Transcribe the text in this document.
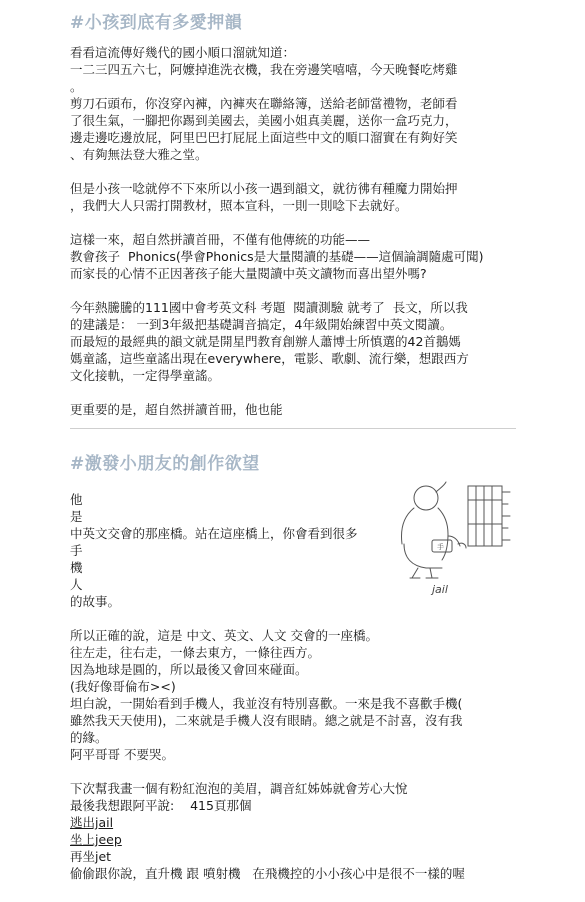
#小孩到底有多愛押韻

看看這流傳好幾代的國小順口溜就知道：

一二三四五六七，阿嬤掉進洗衣機，我在旁邊笑嘻嘻，今天晚餐吃烤雞

。

剪刀石頭布，你沒穿內褲，內褲夾在聯絡簿，送給老師當禮物，老師看

了很生氣，一腳把你踢到美國去，美國小姐真美麗，送你一盒巧克力，

邊走邊吃邊放屁，阿里巴巴打屁屁上面這些中文的順口溜實在有夠好笑

、有夠無法登大雅之堂。

但是小孩一唸就停不下來所以小孩一遇到韻文，就彷彿有種魔力開始押

，我們大人只需打開教材，照本宣科，一則一則唸下去就好。

這樣一來，超自然拼讀首冊，不僅有他傳統的功能——

教會孩子  Phonics(學會Phonics是大量閱讀的基礎——這個論調隨處可聞)

而家長的心情不正因著孩子能大量閱讀中英文讀物而喜出望外嗎?

今年熱騰騰的111國中會考英文科 考題  閱讀測驗 就考了  長文，所以我

的建議是： 一到3年級把基礎調音搞定，4年級開始練習中英文閱讀。

而最短的最經典的韻文就是開星門教育創辦人蕭博士所慎選的42首鵝媽

媽童謠，這些童謠出現在everywhere，電影、歌劇、流行樂，想跟西方

文化接軌，一定得學童謠。

更重要的是，超自然拼讀首冊，他也能

#激發小朋友的創作欲望

他

是

中英文交會的那座橋。站在這座橋上，你會看到很多

手

機

人

的故事。

所以正確的說，這是 中文、英文、人文 交會的一座橋。

往左走，往右走，一條去東方，一條往西方。

因為地球是圓的，所以最後又會回來碰面。

(我好像哥倫布><)

坦白說，一開始看到手機人，我並沒有特別喜歡。一來是我不喜歡手機(

雖然我天天使用)，二來就是手機人沒有眼睛。總之就是不討喜，沒有我

的緣。

阿平哥哥 不要哭。

下次幫我畫一個有粉紅泡泡的美眉，調音紅姊姊就會芳心大悅

最後我想跟阿平說:    415頁那個

逃出jail

坐上jeep

再坐jet

偷偷跟你說，直升機 跟 噴射機   在飛機控的小小孩心中是很不一樣的喔

手
jail
